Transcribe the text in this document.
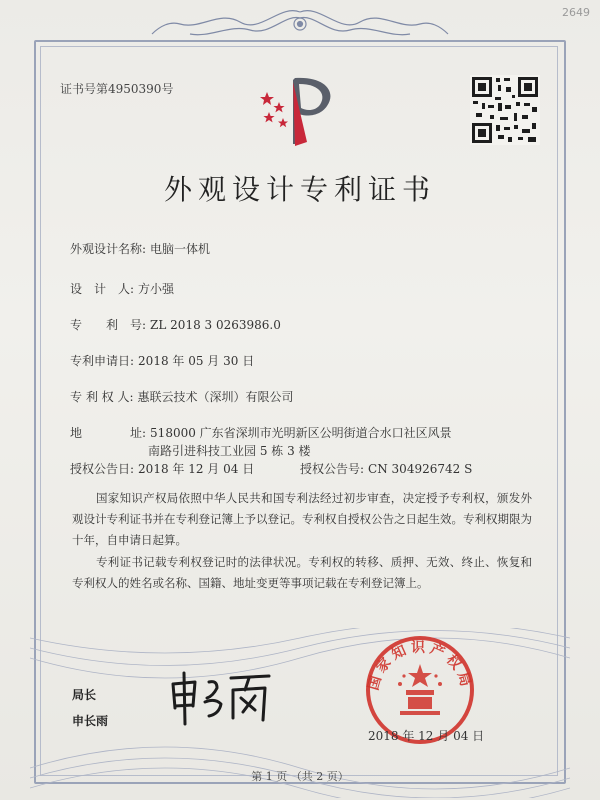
2649
证书号第4950390号
外观设计专利证书
外观设计名称: 电脑一体机
设　计　人: 方小强
专　　利　号: ZL 2018 3 0263986.0
专利申请日: 2018 年 05 月 30 日
专 利 权 人: 惠联云技术（深圳）有限公司
地　　　　址: 518000 广东省深圳市光明新区公明街道合水口社区风景
南路引进科技工业园 5 栋 3 楼
授权公告日: 2018 年 12 月 04 日	授权公告号: CN 304926742 S
国家知识产权局依照中华人民共和国专利法经过初步审查，决定授予专利权，颁发外观设计专利证书并在专利登记簿上予以登记。专利权自授权公告之日起生效。专利权期限为十年，自申请日起算。
专利证书记载专利权登记时的法律状况。专利权的转移、质押、无效、终止、恢复和专利权人的姓名或名称、国籍、地址变更等事项记载在专利登记簿上。
局长
申长雨
国家知识产权局
2018 年 12 月 04 日
第 1 页 （共 2 页）
